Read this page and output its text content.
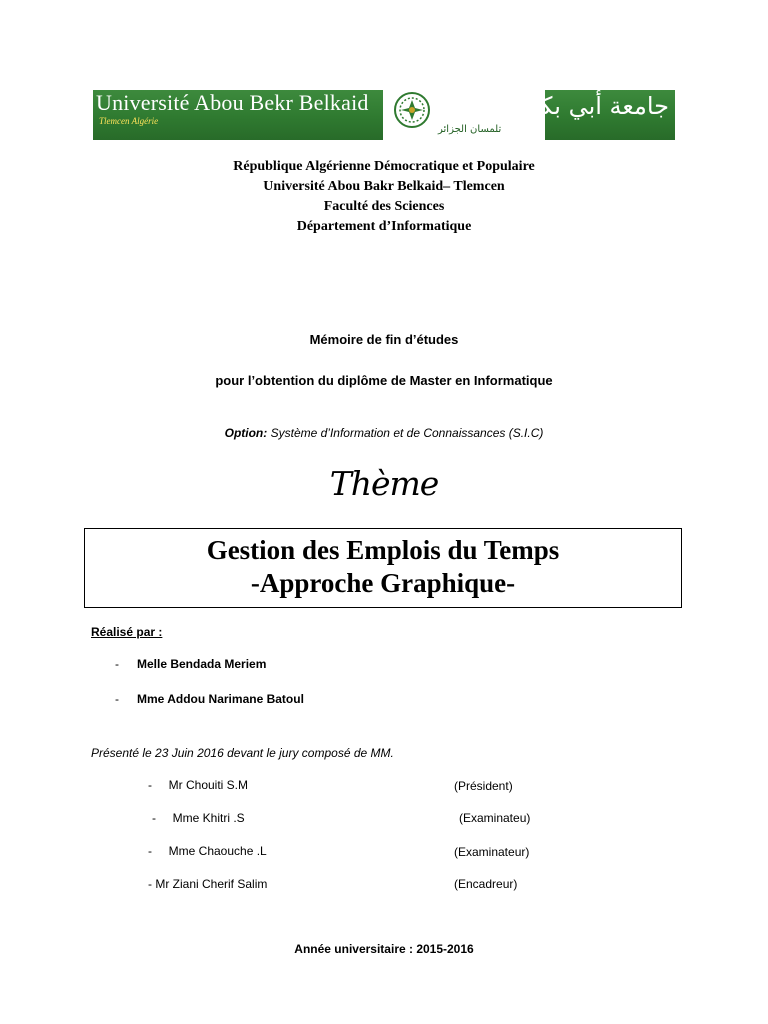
Université Abou Bekr Belkaid
Tlemcen Algérie
تلمسان الجزائر
جامعة أبي بكر بلقايد
République Algérienne Démocratique et Populaire
Université Abou Bakr Belkaid– Tlemcen
Faculté des Sciences
Département d’Informatique
Mémoire de fin d’études
pour l’obtention du diplôme de Master en Informatique
Option: Système d’Information et de Connaissances (S.I.C)
Thème
Gestion des Emplois du Temps
-Approche Graphique-
Réalisé par :
- Melle Bendada Meriem
- Mme Addou Narimane Batoul
Présenté le 23 Juin 2016 devant le jury composé de MM.
-     Mr Chouiti S.M	(Président)
-     Mme Khitri .S	(Examinateu)
-     Mme Chaouche .L	(Examinateur)
- Mr Ziani Cherif Salim	(Encadreur)
Année universitaire : 2015-2016
